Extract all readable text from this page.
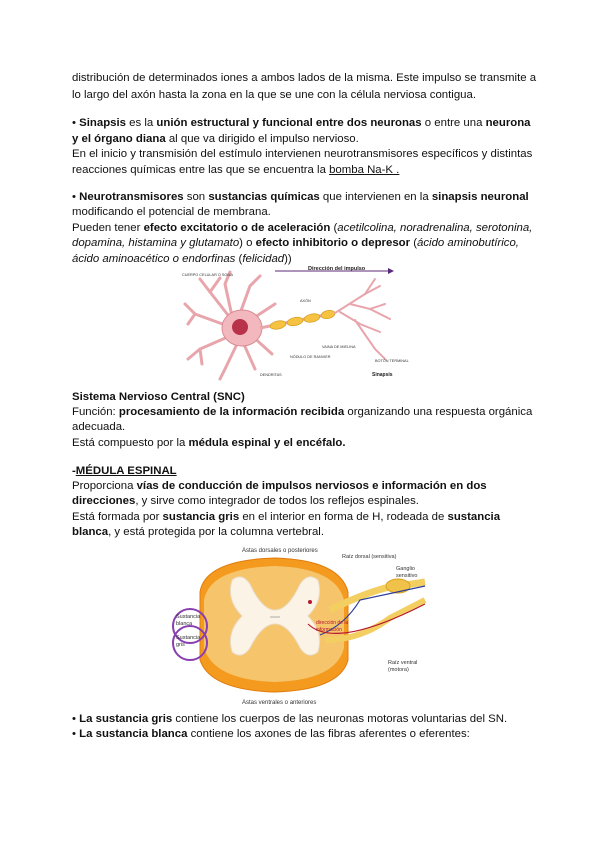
distribución de determinados iones a ambos lados de la misma. Este impulso se transmite a
lo largo del axón hasta la zona en la que se une con la célula nerviosa contigua.
• Sinapsis es la unión estructural y funcional entre dos neuronas o entre una neurona
y el órgano diana al que va dirigido el impulso nervioso.
En el inicio y transmisión del estímulo intervienen neurotransmisores específicos y distintas
reacciones químicas entre las que se encuentra la bomba Na-K .
• Neurotransmisores son sustancias químicas que intervienen en la sinapsis neuronal
modificando el potencial de membrana.
Pueden tener efecto excitatorio o de aceleración (acetilcolina, noradrenalina, serotonina,
dopamina, histamina y glutamato) o efecto inhibitorio o depresor (ácido aminobutírico,
ácido aminoacético o endorfinas (felicidad))
Dirección del impulso
CUERPO CELULAR O SOMA
AXÓN
NÓDULO DE RANVIER
VAINA DE MIELINA
BOTÓN TERMINAL
DENDRITAS	Sinapsis
Sistema Nervioso Central (SNC)
Función: procesamiento de la información recibida organizando una respuesta orgánica
adecuada.
Está compuesto por la médula espinal y el encéfalo.
-MÉDULA ESPINAL
Proporciona vías de conducción de impulsos nerviosos e información en dos
direcciones, y sirve como integrador de todos los reflejos espinales.
Está formada por sustancia gris en el interior en forma de H, rodeada de sustancia
blanca, y está protegida por la columna vertebral.
Astas dorsales o posteriores
Raíz dorsal (sensitiva)
Ganglio
sensitivo
Sustancia
blanca
Sustancia
gris
dirección de la
información
Raíz ventral
(motora)
Astas ventrales o anteriores
• La sustancia gris contiene los cuerpos de las neuronas motoras voluntarias del SN.
• La sustancia blanca contiene los axones de las fibras aferentes o eferentes:
